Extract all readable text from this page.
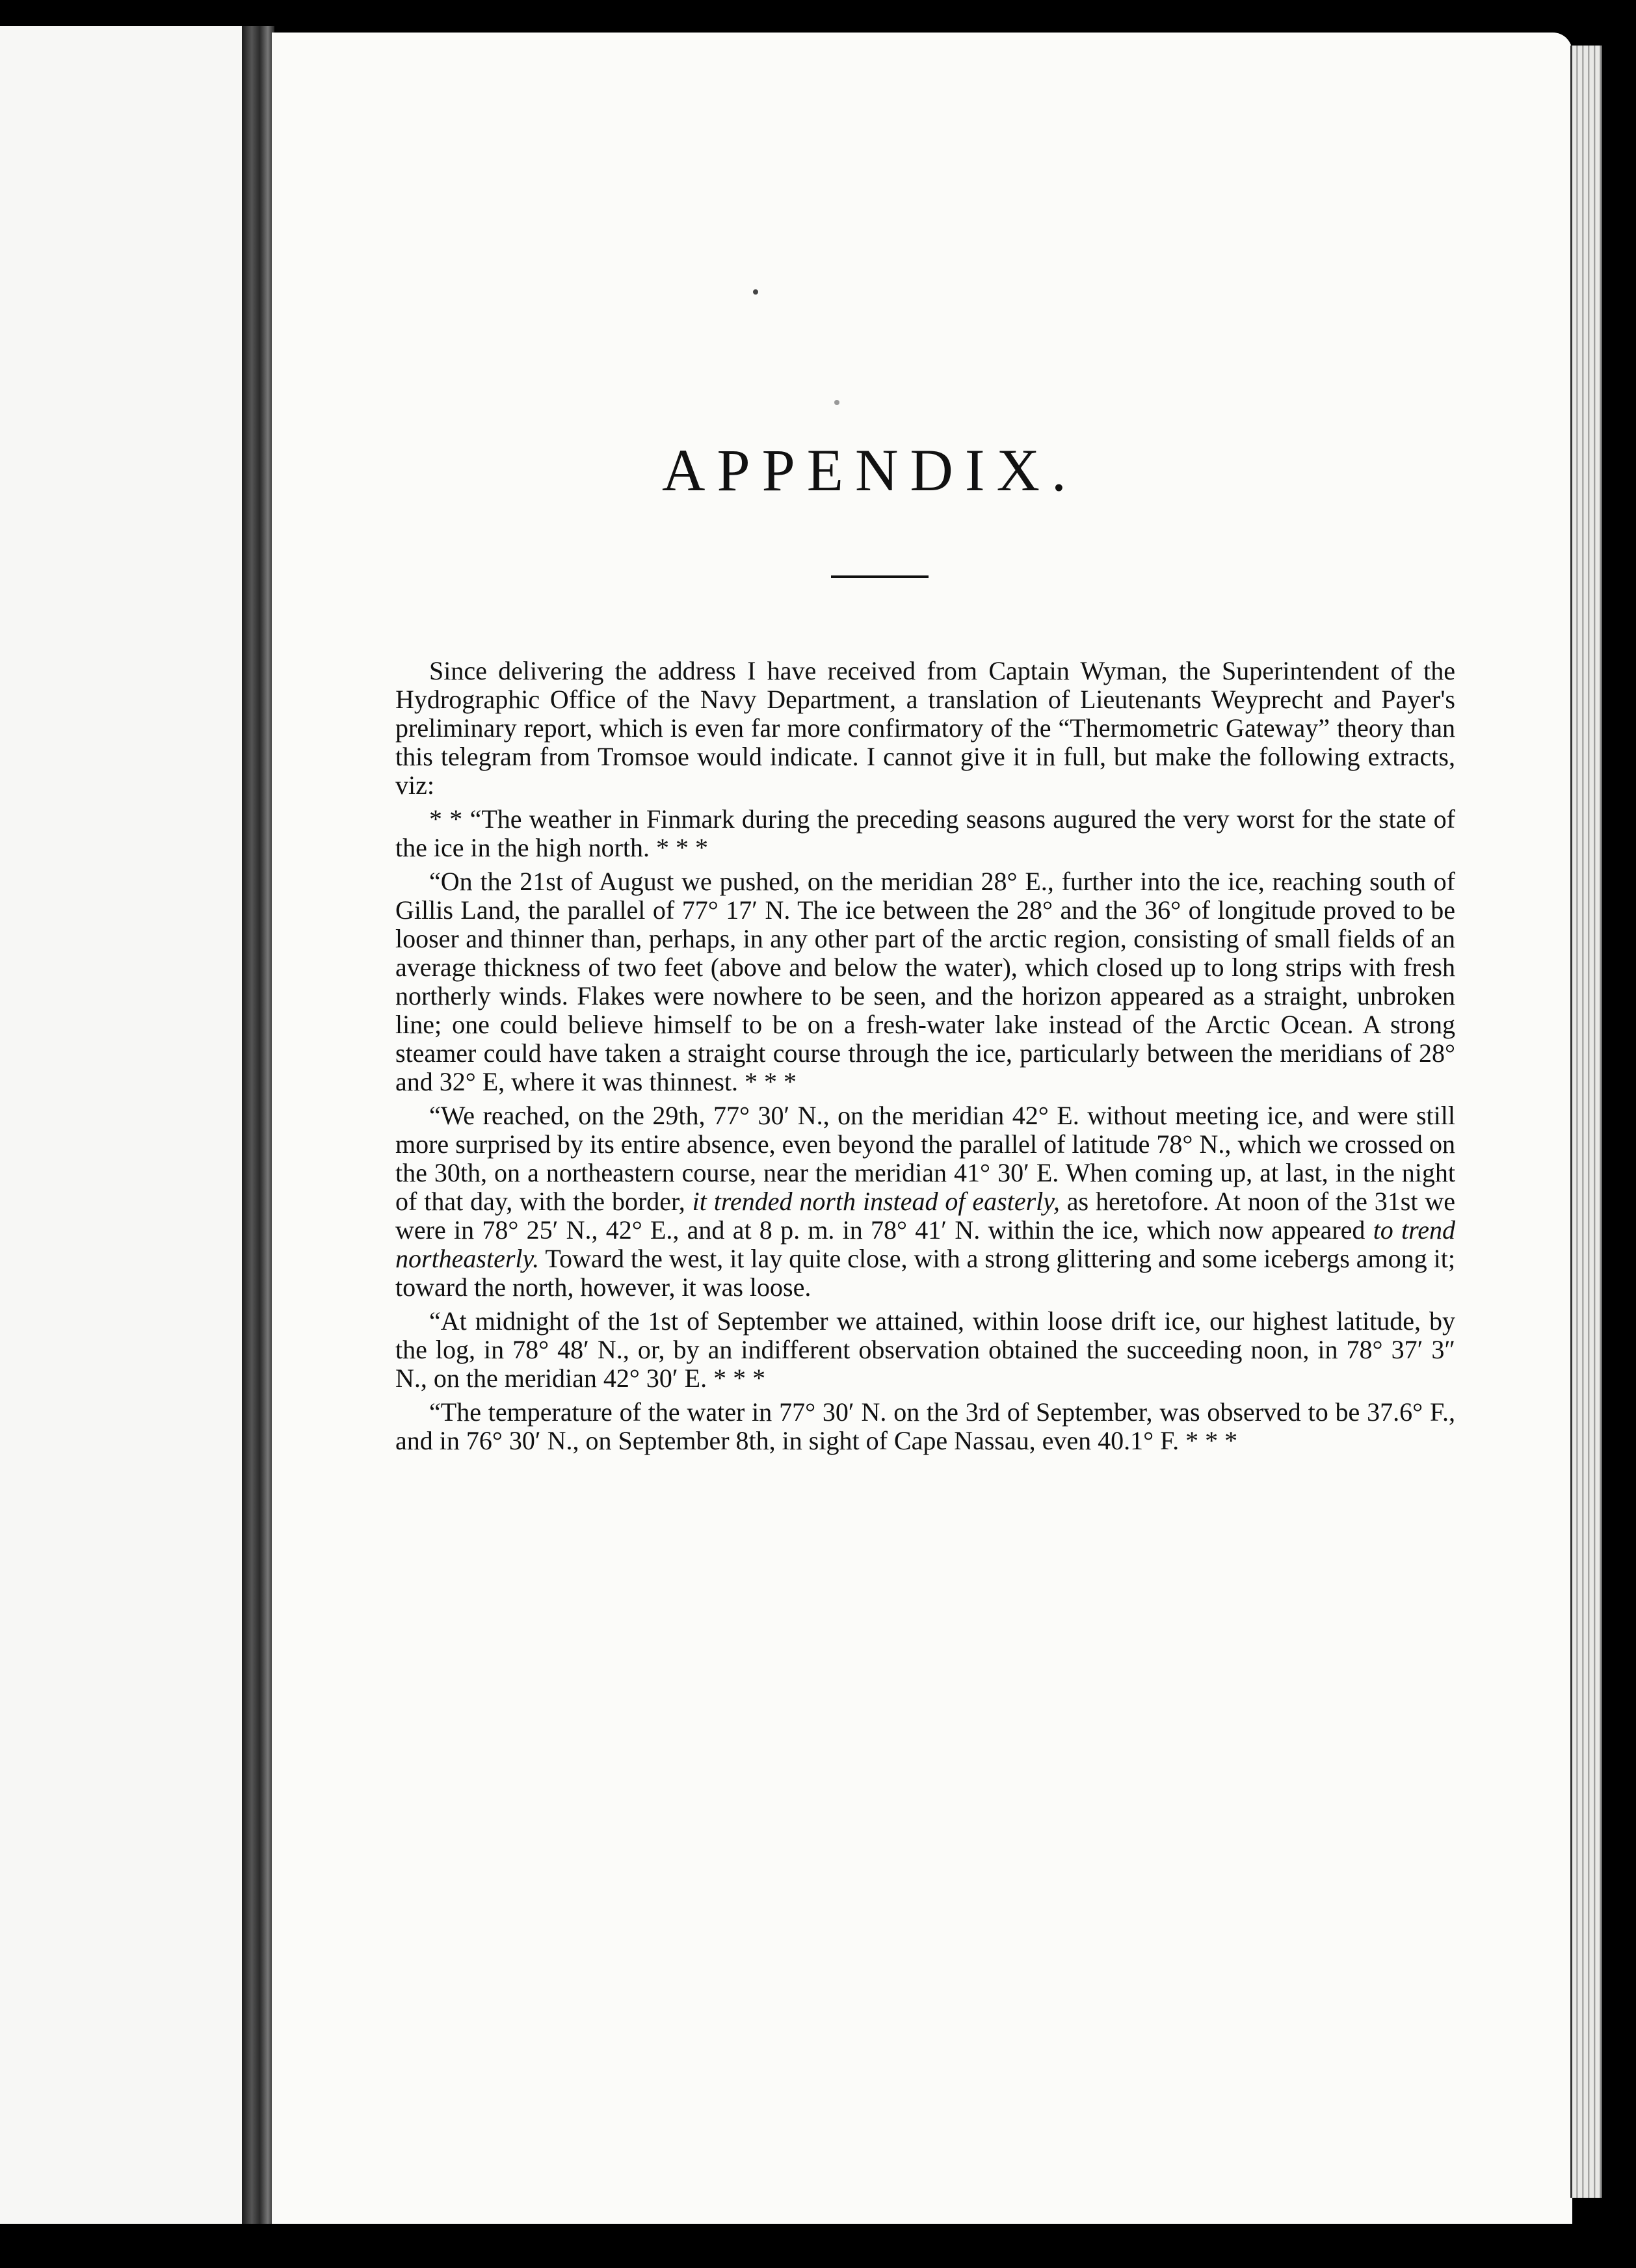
APPENDIX.

Since delivering the address I have received from Captain Wyman, the Superintendent of the Hydrographic Office of the Navy Department, a translation of Lieutenants Weyprecht and Payer's preliminary report, which is even far more confirmatory of the “Thermometric Gateway” theory than this telegram from Tromsoe would indicate. I cannot give it in full, but make the following extracts, viz:

* * “The weather in Finmark during the preceding seasons augured the very worst for the state of the ice in the high north. * * *

“On the 21st of August we pushed, on the meridian 28° E., further into the ice, reaching south of Gillis Land, the parallel of 77° 17′ N. The ice between the 28° and the 36° of longitude proved to be looser and thinner than, perhaps, in any other part of the arctic region, consisting of small fields of an average thickness of two feet (above and below the water), which closed up to long strips with fresh northerly winds. Flakes were nowhere to be seen, and the horizon appeared as a straight, unbroken line; one could believe himself to be on a fresh-water lake instead of the Arctic Ocean. A strong steamer could have taken a straight course through the ice, particularly between the meridians of 28° and 32° E, where it was thinnest. * * *

“We reached, on the 29th, 77° 30′ N., on the meridian 42° E. without meeting ice, and were still more surprised by its entire absence, even beyond the parallel of latitude 78° N., which we crossed on the 30th, on a northeastern course, near the meridian 41° 30′ E. When coming up, at last, in the night of that day, with the border, it trended north instead of easterly, as heretofore. At noon of the 31st we were in 78° 25′ N., 42° E., and at 8 p. m. in 78° 41′ N. within the ice, which now appeared to trend northeasterly. Toward the west, it lay quite close, with a strong glittering and some icebergs among it; toward the north, however, it was loose.

“At midnight of the 1st of September we attained, within loose drift ice, our highest latitude, by the log, in 78° 48′ N., or, by an indifferent observation obtained the succeeding noon, in 78° 37′ 3″ N., on the meridian 42° 30′ E. * * *

“The temperature of the water in 77° 30′ N. on the 3rd of September, was observed to be 37.6° F., and in 76° 30′ N., on September 8th, in sight of Cape Nassau, even 40.1° F. * * *
